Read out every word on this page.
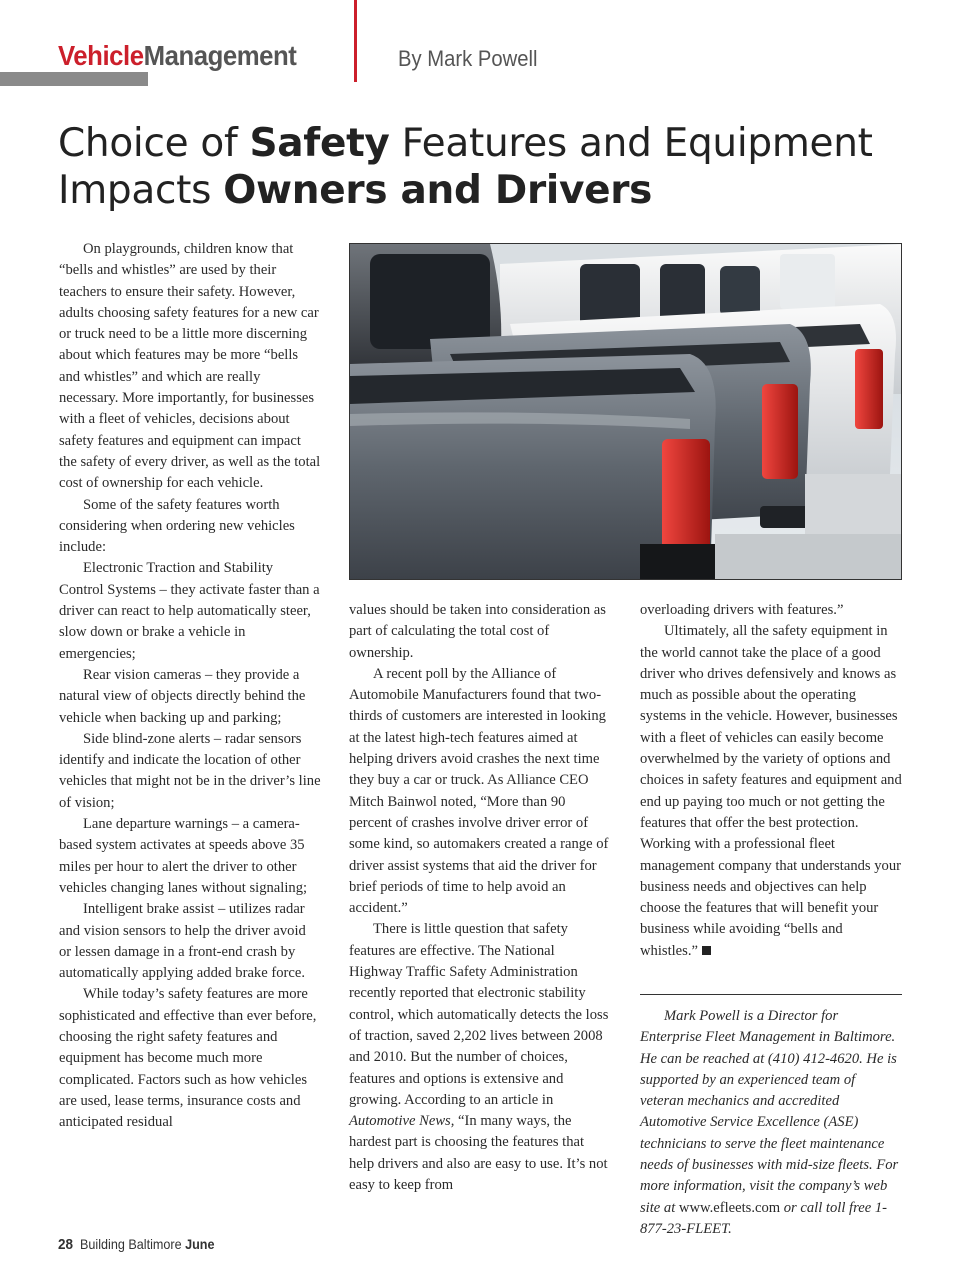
VehicleManagement	By Mark Powell
Choice of Safety Features and Equipment
Impacts Owners and Drivers

On playgrounds, children know that “bells and whistles” are used by their teachers to ensure their safety. However, adults choosing safety features for a new car or truck need to be a little more discerning about which features may be more “bells and whistles” and which are really necessary. More importantly, for businesses with a fleet of vehicles, decisions about safety features and equipment can impact the safety of every driver, as well as the total cost of ownership for each vehicle.

Some of the safety features worth considering when ordering new vehicles include:

Electronic Traction and Stability Control Systems – they activate faster than a driver can react to help automatically steer, slow down or brake a vehicle in emergencies;

Rear vision cameras – they provide a natural view of objects directly behind the vehicle when backing up and parking;

Side blind-zone alerts – radar sensors identify and indicate the location of other vehicles that might not be in the driver’s line of vision;

Lane departure warnings – a camera-based system activates at speeds above 35 miles per hour to alert the driver to other vehicles changing lanes without signaling;

Intelligent brake assist – utilizes radar and vision sensors to help the driver avoid or lessen damage in a front-end crash by automatically applying added brake force.

While today’s safety features are more sophisticated and effective than ever before, choosing the right safety features and equipment has become much more complicated. Factors such as how vehicles are used, lease terms, insurance costs and anticipated residual

values should be taken into consideration as part of calculating the total cost of ownership.

A recent poll by the Alliance of Automobile Manufacturers found that two-thirds of customers are interested in looking at the latest high-tech features aimed at helping drivers avoid crashes the next time they buy a car or truck. As Alliance CEO Mitch Bainwol noted, “More than 90 percent of crashes involve driver error of some kind, so automakers created a range of driver assist systems that aid the driver for brief periods of time to help avoid an accident.”

There is little question that safety features are effective. The National Highway Traffic Safety Administration recently reported that electronic stability control, which automatically detects the loss of traction, saved 2,202 lives between 2008 and 2010. But the number of choices, features and options is extensive and growing. According to an article in Automotive News, “In many ways, the hardest part is choosing the features that help drivers and also are easy to use. It’s not easy to keep from

overloading drivers with features.”

Ultimately, all the safety equipment in the world cannot take the place of a good driver who drives defensively and knows as much as possible about the operating systems in the vehicle. However, businesses with a fleet of vehicles can easily become overwhelmed by the variety of options and choices in safety features and equipment and end up paying too much or not getting the features that offer the best protection. Working with a professional fleet management company that understands your business needs and objectives can help choose the features that will benefit your business while avoiding “bells and whistles.”

Mark Powell is a Director for Enterprise Fleet Management in Baltimore. He can be reached at (410) 412-4620. He is supported by an experienced team of veteran mechanics and accredited Automotive Service Excellence (ASE) technicians to serve the fleet maintenance needs of businesses with mid-size fleets. For more information, visit the company’s web site at www.efleets.com or call toll free 1-877-23-FLEET.
28 Building Baltimore June
